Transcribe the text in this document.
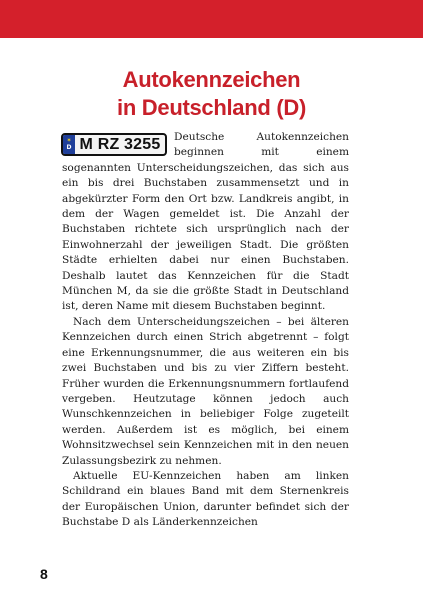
Autokennzeichen
in Deutschland (D)

Deutsche Autokennzeichen beginnen mit einem sogenannten Unterscheidungszeichen, das sich aus ein bis drei Buchstaben zusammensetzt und in abgekürzter Form den Ort bzw. Landkreis angibt, in dem der Wagen gemeldet ist. Die Anzahl der Buchstaben richtete sich ursprünglich nach der Einwohnerzahl der jeweiligen Stadt. Die größten Städte erhielten dabei nur einen Buchstaben. Deshalb lautet das Kennzeichen für die Stadt München M, da sie die größte Stadt in Deutschland ist, deren Name mit diesem Buchstaben beginnt.

Nach dem Unterscheidungszeichen – bei älteren Kennzeichen durch einen Strich abgetrennt – folgt eine Erkennungsnummer, die aus weiteren ein bis zwei Buchstaben und bis zu vier Ziffern besteht. Früher wurden die Erkennungsnummern fortlaufend vergeben. Heutzutage können jedoch auch Wunschkennzeichen in beliebiger Folge zugeteilt werden. Außerdem ist es möglich, bei einem Wohnsitzwechsel sein Kennzeichen mit in den neuen Zulassungsbezirk zu nehmen.

Aktuelle EU-Kennzeichen haben am linken Schildrand ein blaues Band mit dem Sternenkreis der Europäischen Union, darunter befindet sich der Buchstabe D als Länderkennzeichen

✶
D M RZ 3255
8
